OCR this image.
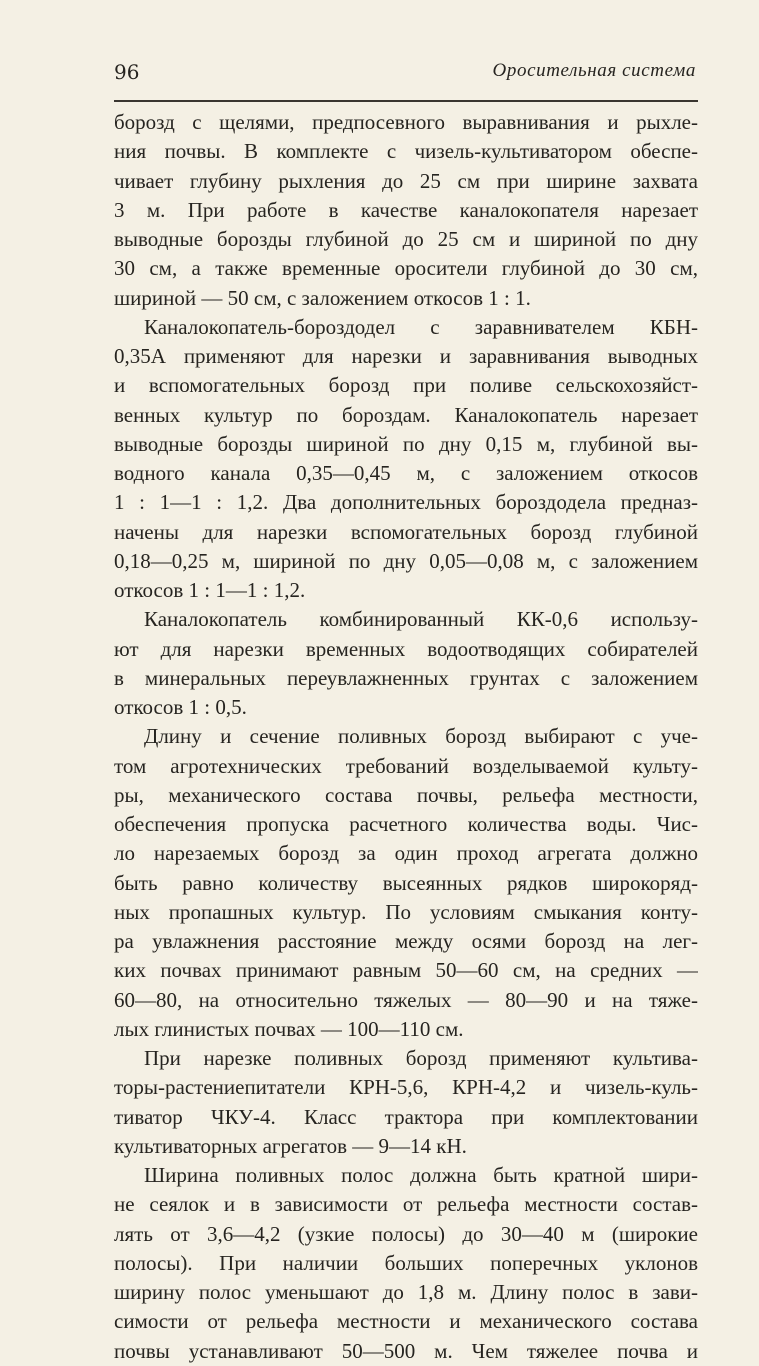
96	Оросительная система
борозд с щелями, предпосевного выравнивания и рыхле-
ния почвы. В комплекте с чизель-культиватором обеспе-
чивает глубину рыхления до 25 см при ширине захвата
3 м. При работе в качестве каналокопателя нарезает
выводные борозды глубиной до 25 см и шириной по дну
30 см, а также временные оросители глубиной до 30 см,
шириной — 50 см, с заложением откосов 1 : 1.
Каналокопатель-бороздодел с заравнивателем КБН-
0,35А применяют для нарезки и заравнивания выводных
и вспомогательных борозд при поливе сельскохозяйст-
венных культур по бороздам. Каналокопатель нарезает
выводные борозды шириной по дну 0,15 м, глубиной вы-
водного канала 0,35—0,45 м, с заложением откосов
1 : 1—1 : 1,2. Два дополнительных бороздодела предназ-
начены для нарезки вспомогательных борозд глубиной
0,18—0,25 м, шириной по дну 0,05—0,08 м, с заложением
откосов 1 : 1—1 : 1,2.
Каналокопатель комбинированный КК-0,6 использу-
ют для нарезки временных водоотводящих собирателей
в минеральных переувлажненных грунтах с заложением
откосов 1 : 0,5.
Длину и сечение поливных борозд выбирают с уче-
том агротехнических требований возделываемой культу-
ры, механического состава почвы, рельефа местности,
обеспечения пропуска расчетного количества воды. Чис-
ло нарезаемых борозд за один проход агрегата должно
быть равно количеству высеянных рядков широкоряд-
ных пропашных культур. По условиям смыкания конту-
ра увлажнения расстояние между осями борозд на лег-
ких почвах принимают равным 50—60 см, на средних —
60—80, на относительно тяжелых — 80—90 и на тяже-
лых глинистых почвах — 100—110 см.
При нарезке поливных борозд применяют культива-
торы-растениепитатели КРН-5,6, КРН-4,2 и чизель-куль-
тиватор ЧКУ-4. Класс трактора при комплектовании
культиваторных агрегатов — 9—14 кН.
Ширина поливных полос должна быть кратной шири-
не сеялок и в зависимости от рельефа местности состав-
лять от 3,6—4,2 (узкие полосы) до 30—40 м (широкие
полосы). При наличии больших поперечных уклонов
ширину полос уменьшают до 1,8 м. Длину полос в зави-
симости от рельефа местности и механического состава
почвы устанавливают 50—500 м. Чем тяжелее почва и
